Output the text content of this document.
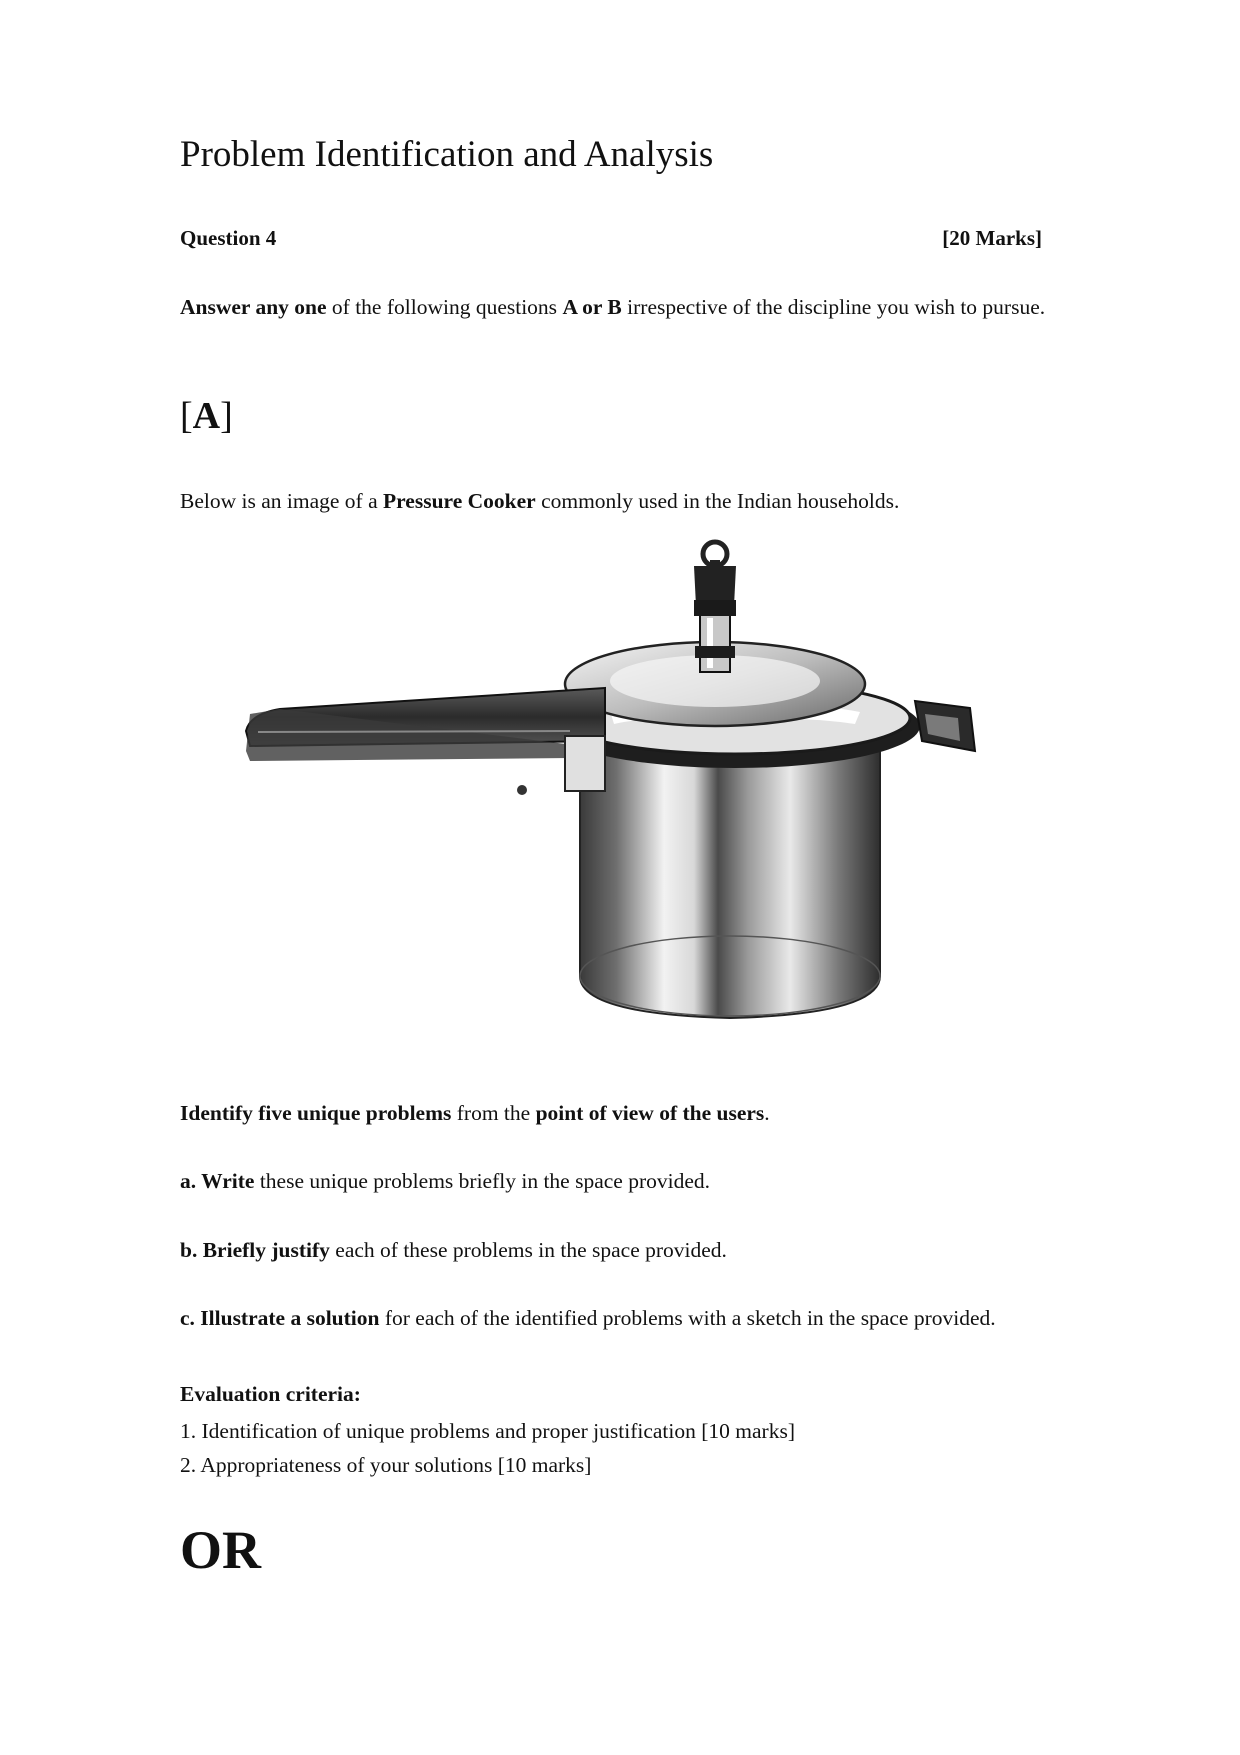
Problem Identification and Analysis
Question 4	[20 Marks]

Answer any one of the following questions A or B irrespective of the discipline you wish to pursue.

[A]

Below is an image of a Pressure Cooker commonly used in the Indian households.

Identify five unique problems from the point of view of the users.

a. Write these unique problems briefly in the space provided.

b. Briefly justify each of these problems in the space provided.

c. Illustrate a solution for each of the identified problems with a sketch in the space provided.

Evaluation criteria:
1. Identification of unique problems and proper justification [10 marks]
2. Appropriateness of your solutions [10 marks]
OR
